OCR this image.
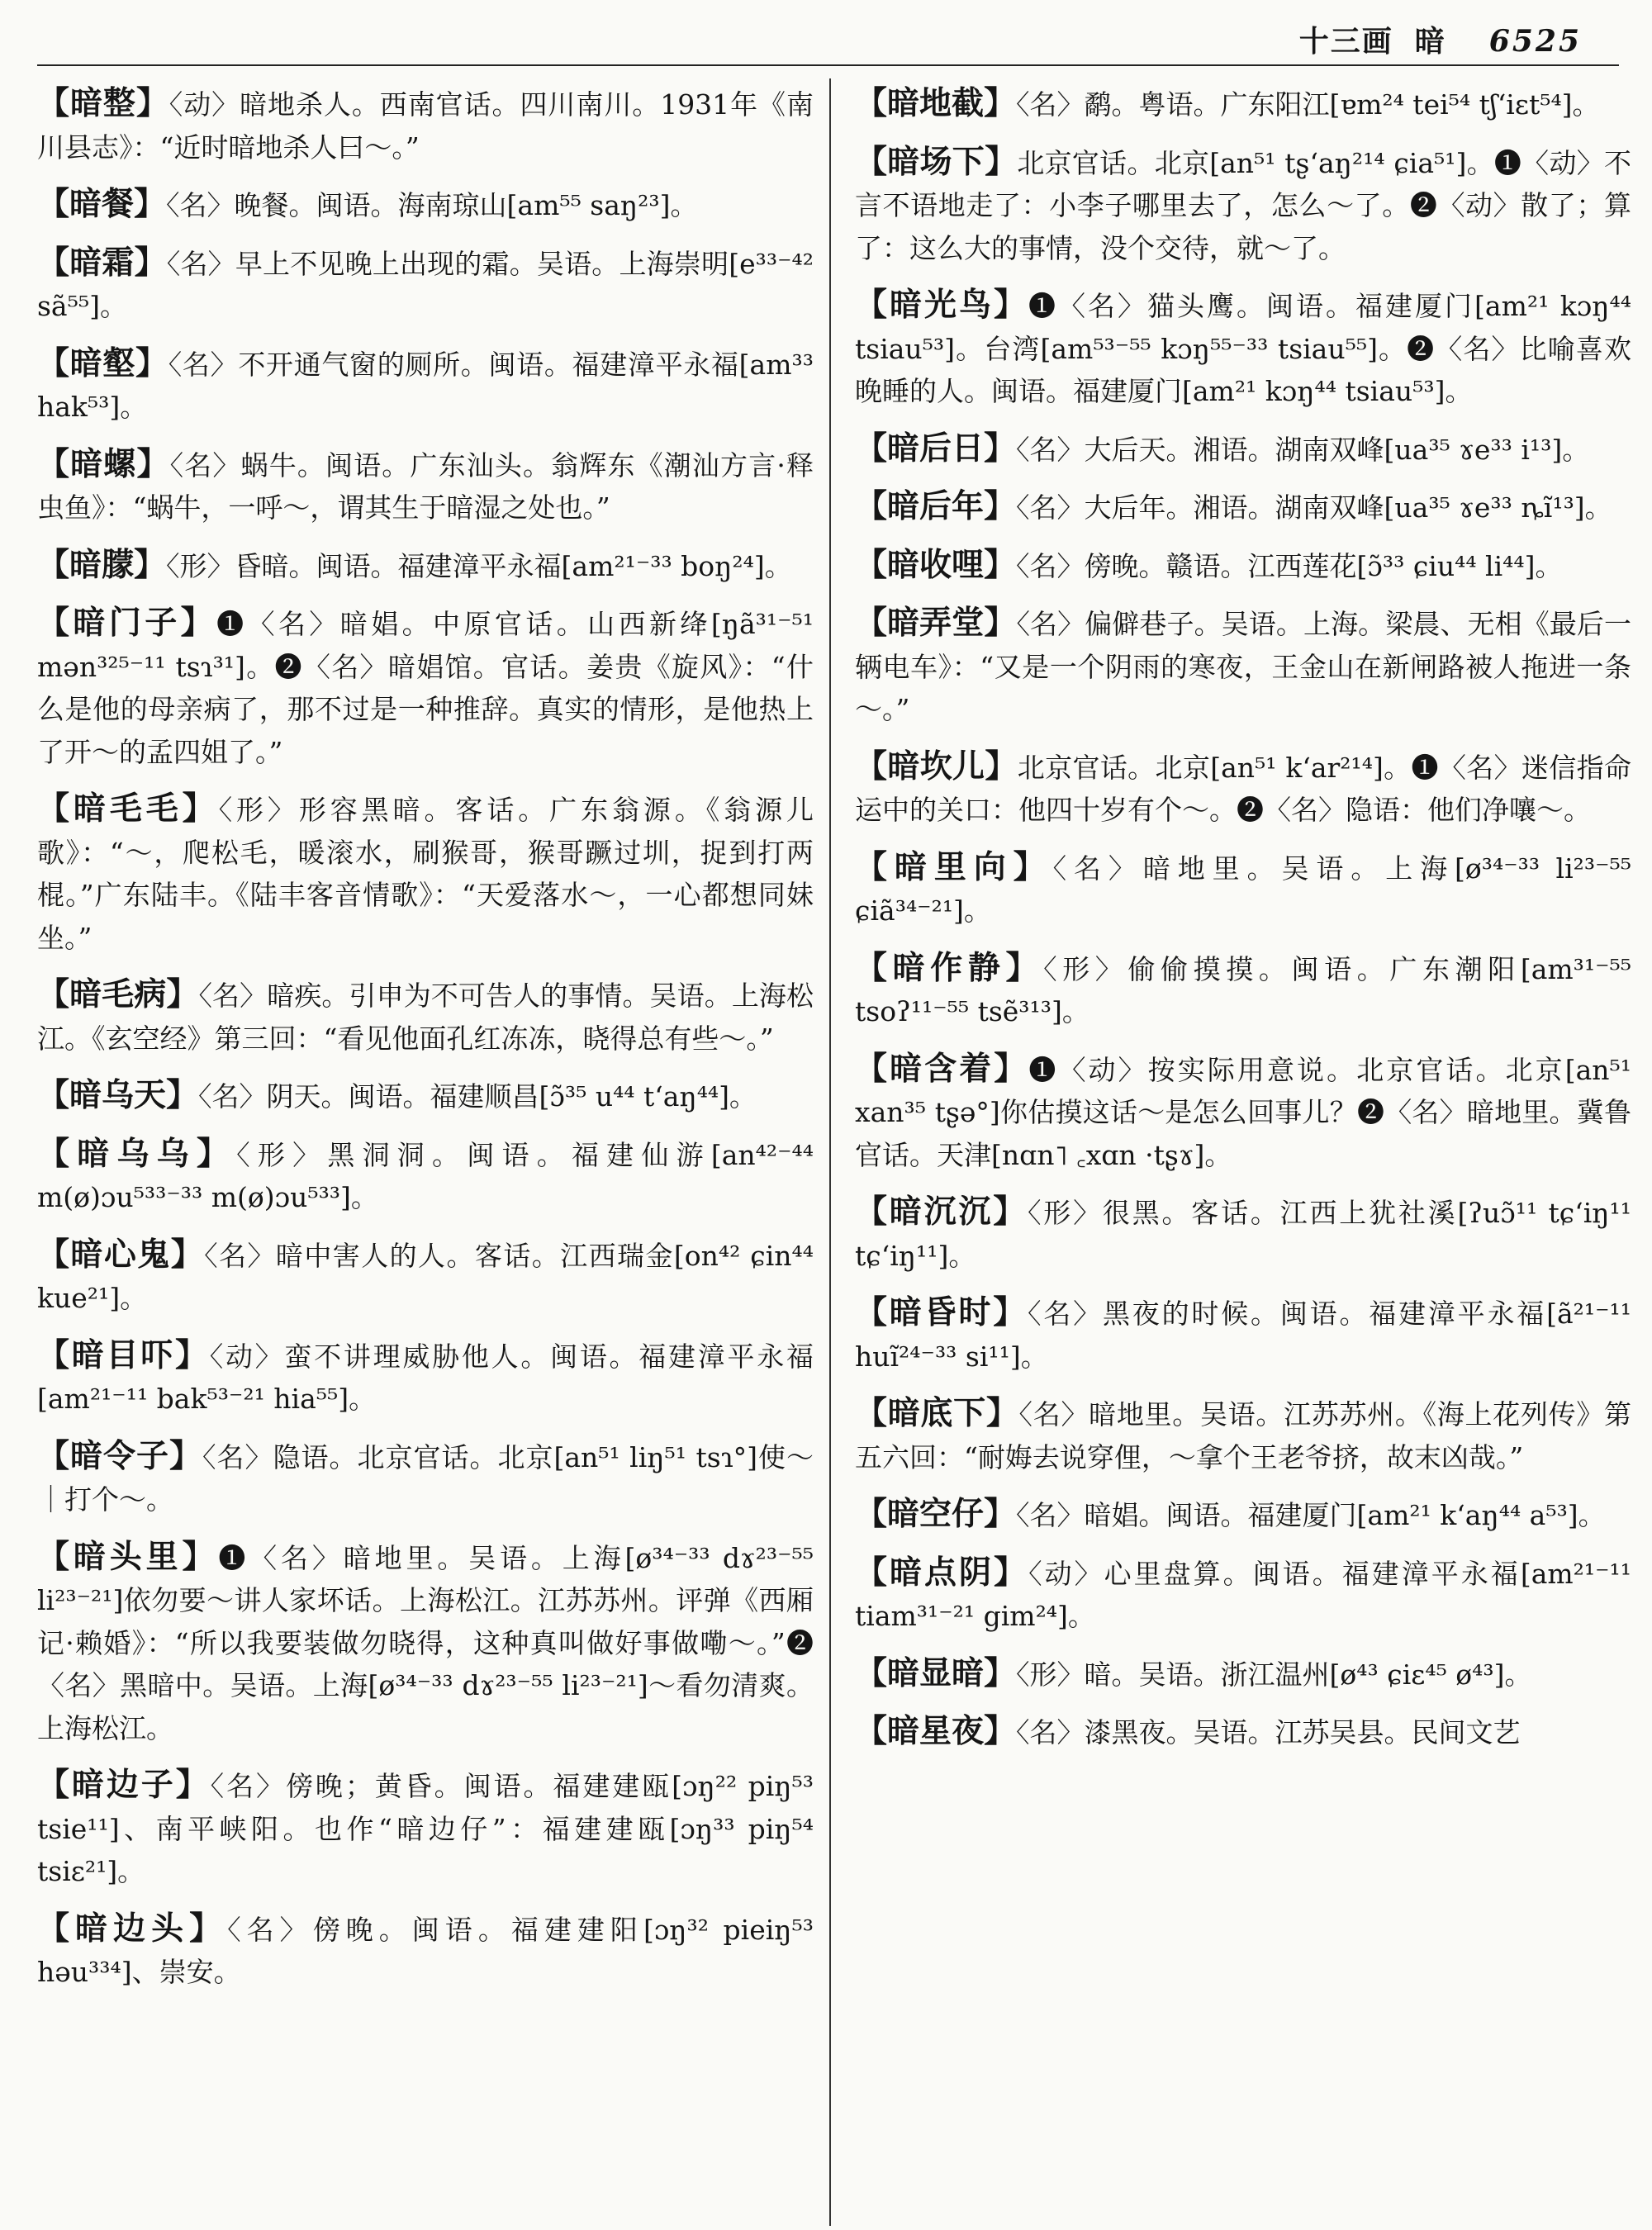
十三画 暗 6525
【暗整】〈动〉暗地杀人。西南官话。四川南川。1931年《南川县志》：“近时暗地杀人曰～。”
【暗餐】〈名〉晚餐。闽语。海南琼山[am⁵⁵ saŋ²³]。
【暗霜】〈名〉早上不见晚上出现的霜。吴语。上海崇明[e³³⁻⁴² sã⁵⁵]。
【暗壑】〈名〉不开通气窗的厕所。闽语。福建漳平永福[am³³ hak⁵³]。
【暗螺】〈名〉蜗牛。闽语。广东汕头。翁辉东《潮汕方言·释虫鱼》：“蜗牛，一呼～，谓其生于暗湿之处也。”
【暗朦】〈形〉昏暗。闽语。福建漳平永福[am²¹⁻³³ boŋ²⁴]。
【暗门子】❶〈名〉暗娼。中原官话。山西新绛[ŋã³¹⁻⁵¹ mən³²⁵⁻¹¹ tsɿ³¹]。❷〈名〉暗娼馆。官话。姜贵《旋风》：“什么是他的母亲病了，那不过是一种推辞。真实的情形，是他热上了开～的孟四姐了。”
【暗毛毛】〈形〉形容黑暗。客话。广东翁源。《翁源儿歌》：“～，爬松毛，暖滚水，刷猴哥，猴哥蹶过圳，捉到打两棍。”广东陆丰。《陆丰客音情歌》：“天爱落水～，一心都想同妹坐。”
【暗毛病】〈名〉暗疾。引申为不可告人的事情。吴语。上海松江。《玄空经》第三回：“看见他面孔红冻冻，晓得总有些～。”
【暗乌天】〈名〉阴天。闽语。福建顺昌[ɔ̃³⁵ u⁴⁴ tʻaŋ⁴⁴]。
【暗乌乌】〈形〉黑洞洞。闽语。福建仙游[an⁴²⁻⁴⁴ m(ø)ɔu⁵³³⁻³³ m(ø)ɔu⁵³³]。
【暗心鬼】〈名〉暗中害人的人。客话。江西瑞金[on⁴² ɕin⁴⁴ kue²¹]。
【暗目吓】〈动〉蛮不讲理威胁他人。闽语。福建漳平永福[am²¹⁻¹¹ bak⁵³⁻²¹ hia⁵⁵]。
【暗令子】〈名〉隐语。北京官话。北京[an⁵¹ liŋ⁵¹ tsɿ°]使～｜打个～。
【暗头里】❶〈名〉暗地里。吴语。上海[ø³⁴⁻³³ dɤ²³⁻⁵⁵ li²³⁻²¹]依勿要～讲人家坏话。上海松江。江苏苏州。评弹《西厢记·赖婚》：“所以我要装做勿晓得，这种真叫做好事做嘞～。”❷〈名〉黑暗中。吴语。上海[ø³⁴⁻³³ dɤ²³⁻⁵⁵ li²³⁻²¹]～看勿清爽。上海松江。
【暗边子】〈名〉傍晚；黄昏。闽语。福建建瓯[ɔŋ²² piŋ⁵³ tsie¹¹]、南平峡阳。也作“暗边仔”：福建建瓯[ɔŋ³³ piŋ⁵⁴ tsiɛ²¹]。
【暗边头】〈名〉傍晚。闽语。福建建阳[ɔŋ³² pieiŋ⁵³ həu³³⁴]、崇安。
【暗地截】〈名〉鹬。粤语。广东阳江[ɐm²⁴ tei⁵⁴ tʃʻiɛt⁵⁴]。
【暗场下】北京官话。北京[an⁵¹ tʂʻaŋ²¹⁴ ɕia⁵¹]。❶〈动〉不言不语地走了：小李子哪里去了，怎么～了。❷〈动〉散了；算了：这么大的事情，没个交待，就～了。
【暗光鸟】❶〈名〉猫头鹰。闽语。福建厦门[am²¹ kɔŋ⁴⁴ tsiau⁵³]。台湾[am⁵³⁻⁵⁵ kɔŋ⁵⁵⁻³³ tsiau⁵⁵]。❷〈名〉比喻喜欢晚睡的人。闽语。福建厦门[am²¹ kɔŋ⁴⁴ tsiau⁵³]。
【暗后日】〈名〉大后天。湘语。湖南双峰[ua³⁵ ɤe³³ i¹³]。
【暗后年】〈名〉大后年。湘语。湖南双峰[ua³⁵ ɤe³³ ȵĩ¹³]。
【暗收哩】〈名〉傍晚。赣语。江西莲花[ɔ̃³³ ɕiu⁴⁴ li⁴⁴]。
【暗弄堂】〈名〉偏僻巷子。吴语。上海。梁晨、无相《最后一辆电车》：“又是一个阴雨的寒夜，王金山在新闸路被人拖进一条～。”
【暗坎儿】北京官话。北京[an⁵¹ kʻar²¹⁴]。❶〈名〉迷信指命运中的关口：他四十岁有个～。❷〈名〉隐语：他们净嚷～。
【暗里向】〈名〉暗地里。吴语。上海[ø³⁴⁻³³ li²³⁻⁵⁵ ɕiã³⁴⁻²¹]。
【暗作静】〈形〉偷偷摸摸。闽语。广东潮阳[am³¹⁻⁵⁵ tsoʔ¹¹⁻⁵⁵ tsẽ³¹³]。
【暗含着】❶〈动〉按实际用意说。北京官话。北京[an⁵¹ xan³⁵ tʂə°]你估摸这话～是怎么回事儿？❷〈名〉暗地里。冀鲁官话。天津[nɑn˥ ꜀xɑn ·tʂɤ]。
【暗沉沉】〈形〉很黑。客话。江西上犹社溪[ʔuɔ̃¹¹ tɕʻiŋ¹¹ tɕʻiŋ¹¹]。
【暗昏时】〈名〉黑夜的时候。闽语。福建漳平永福[ã²¹⁻¹¹ huĩ²⁴⁻³³ si¹¹]。
【暗底下】〈名〉暗地里。吴语。江苏苏州。《海上花列传》第五六回：“耐娒去说穿俚，～拿个王老爷挤，故末凶哉。”
【暗空仔】〈名〉暗娼。闽语。福建厦门[am²¹ kʻaŋ⁴⁴ a⁵³]。
【暗点阴】〈动〉心里盘算。闽语。福建漳平永福[am²¹⁻¹¹ tiam³¹⁻²¹ gim²⁴]。
【暗显暗】〈形〉暗。吴语。浙江温州[ø⁴³ ɕiɛ⁴⁵ ø⁴³]。
【暗星夜】〈名〉漆黑夜。吴语。江苏吴县。民间文艺
